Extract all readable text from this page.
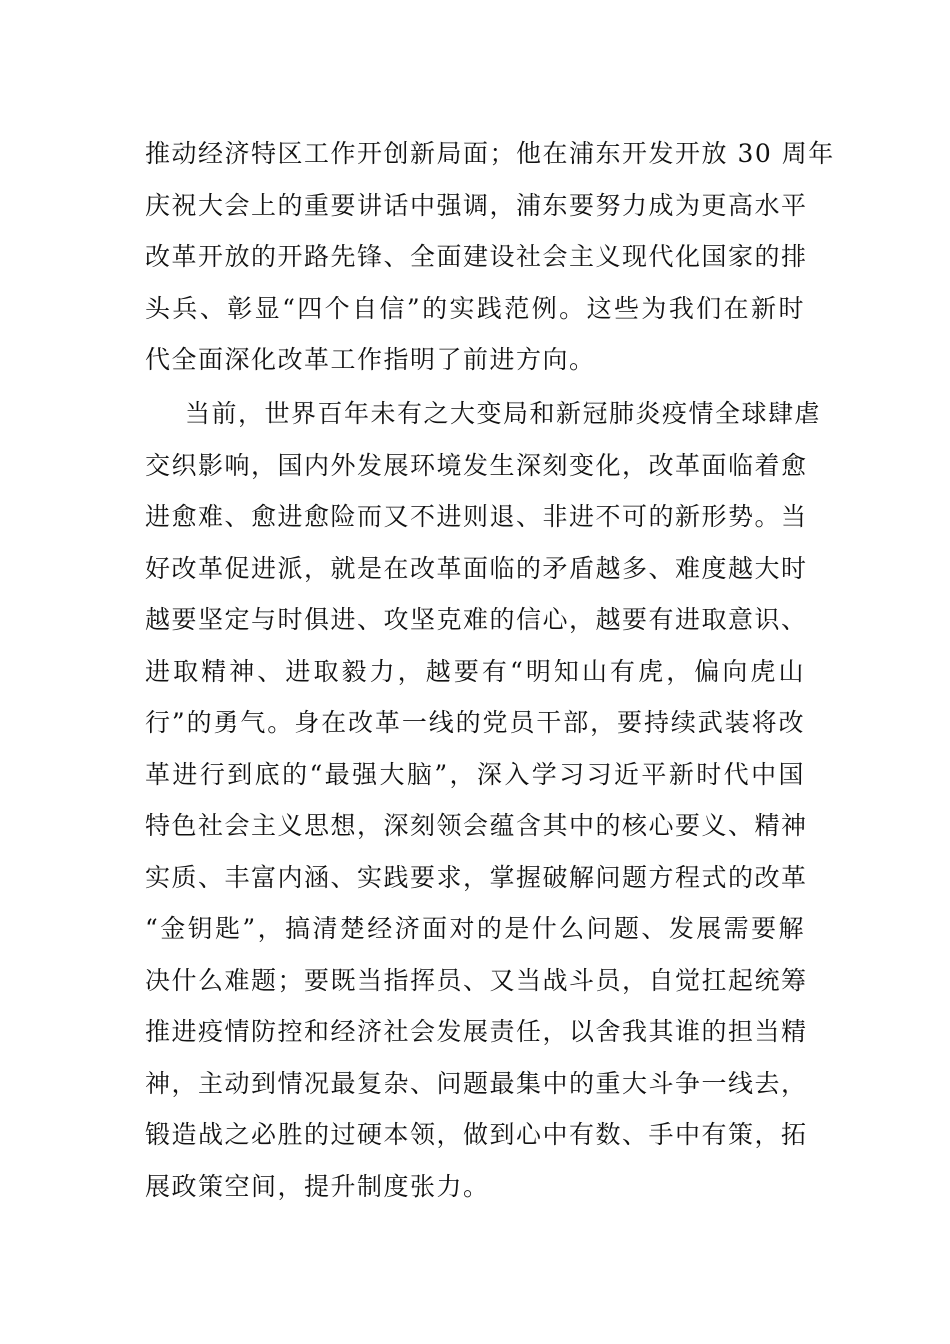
推动经济特区工作开创新局面；他在浦东开发开放 30 周年
庆祝大会上的重要讲话中强调，浦东要努力成为更高水平
改革开放的开路先锋、全面建设社会主义现代化国家的排
头兵、彰显“四个自信”的实践范例。这些为我们在新时
代全面深化改革工作指明了前进方向。
当前，世界百年未有之大变局和新冠肺炎疫情全球肆虐
交织影响，国内外发展环境发生深刻变化，改革面临着愈
进愈难、愈进愈险而又不进则退、非进不可的新形势。当
好改革促进派，就是在改革面临的矛盾越多、难度越大时
越要坚定与时俱进、攻坚克难的信心，越要有进取意识、
进取精神、进取毅力，越要有“明知山有虎，偏向虎山
行”的勇气。身在改革一线的党员干部，要持续武装将改
革进行到底的“最强大脑”，深入学习习近平新时代中国
特色社会主义思想，深刻领会蕴含其中的核心要义、精神
实质、丰富内涵、实践要求，掌握破解问题方程式的改革
“金钥匙”，搞清楚经济面对的是什么问题、发展需要解
决什么难题；要既当指挥员、又当战斗员，自觉扛起统筹
推进疫情防控和经济社会发展责任，以舍我其谁的担当精
神，主动到情况最复杂、问题最集中的重大斗争一线去，
锻造战之必胜的过硬本领，做到心中有数、手中有策，拓
展政策空间，提升制度张力。
